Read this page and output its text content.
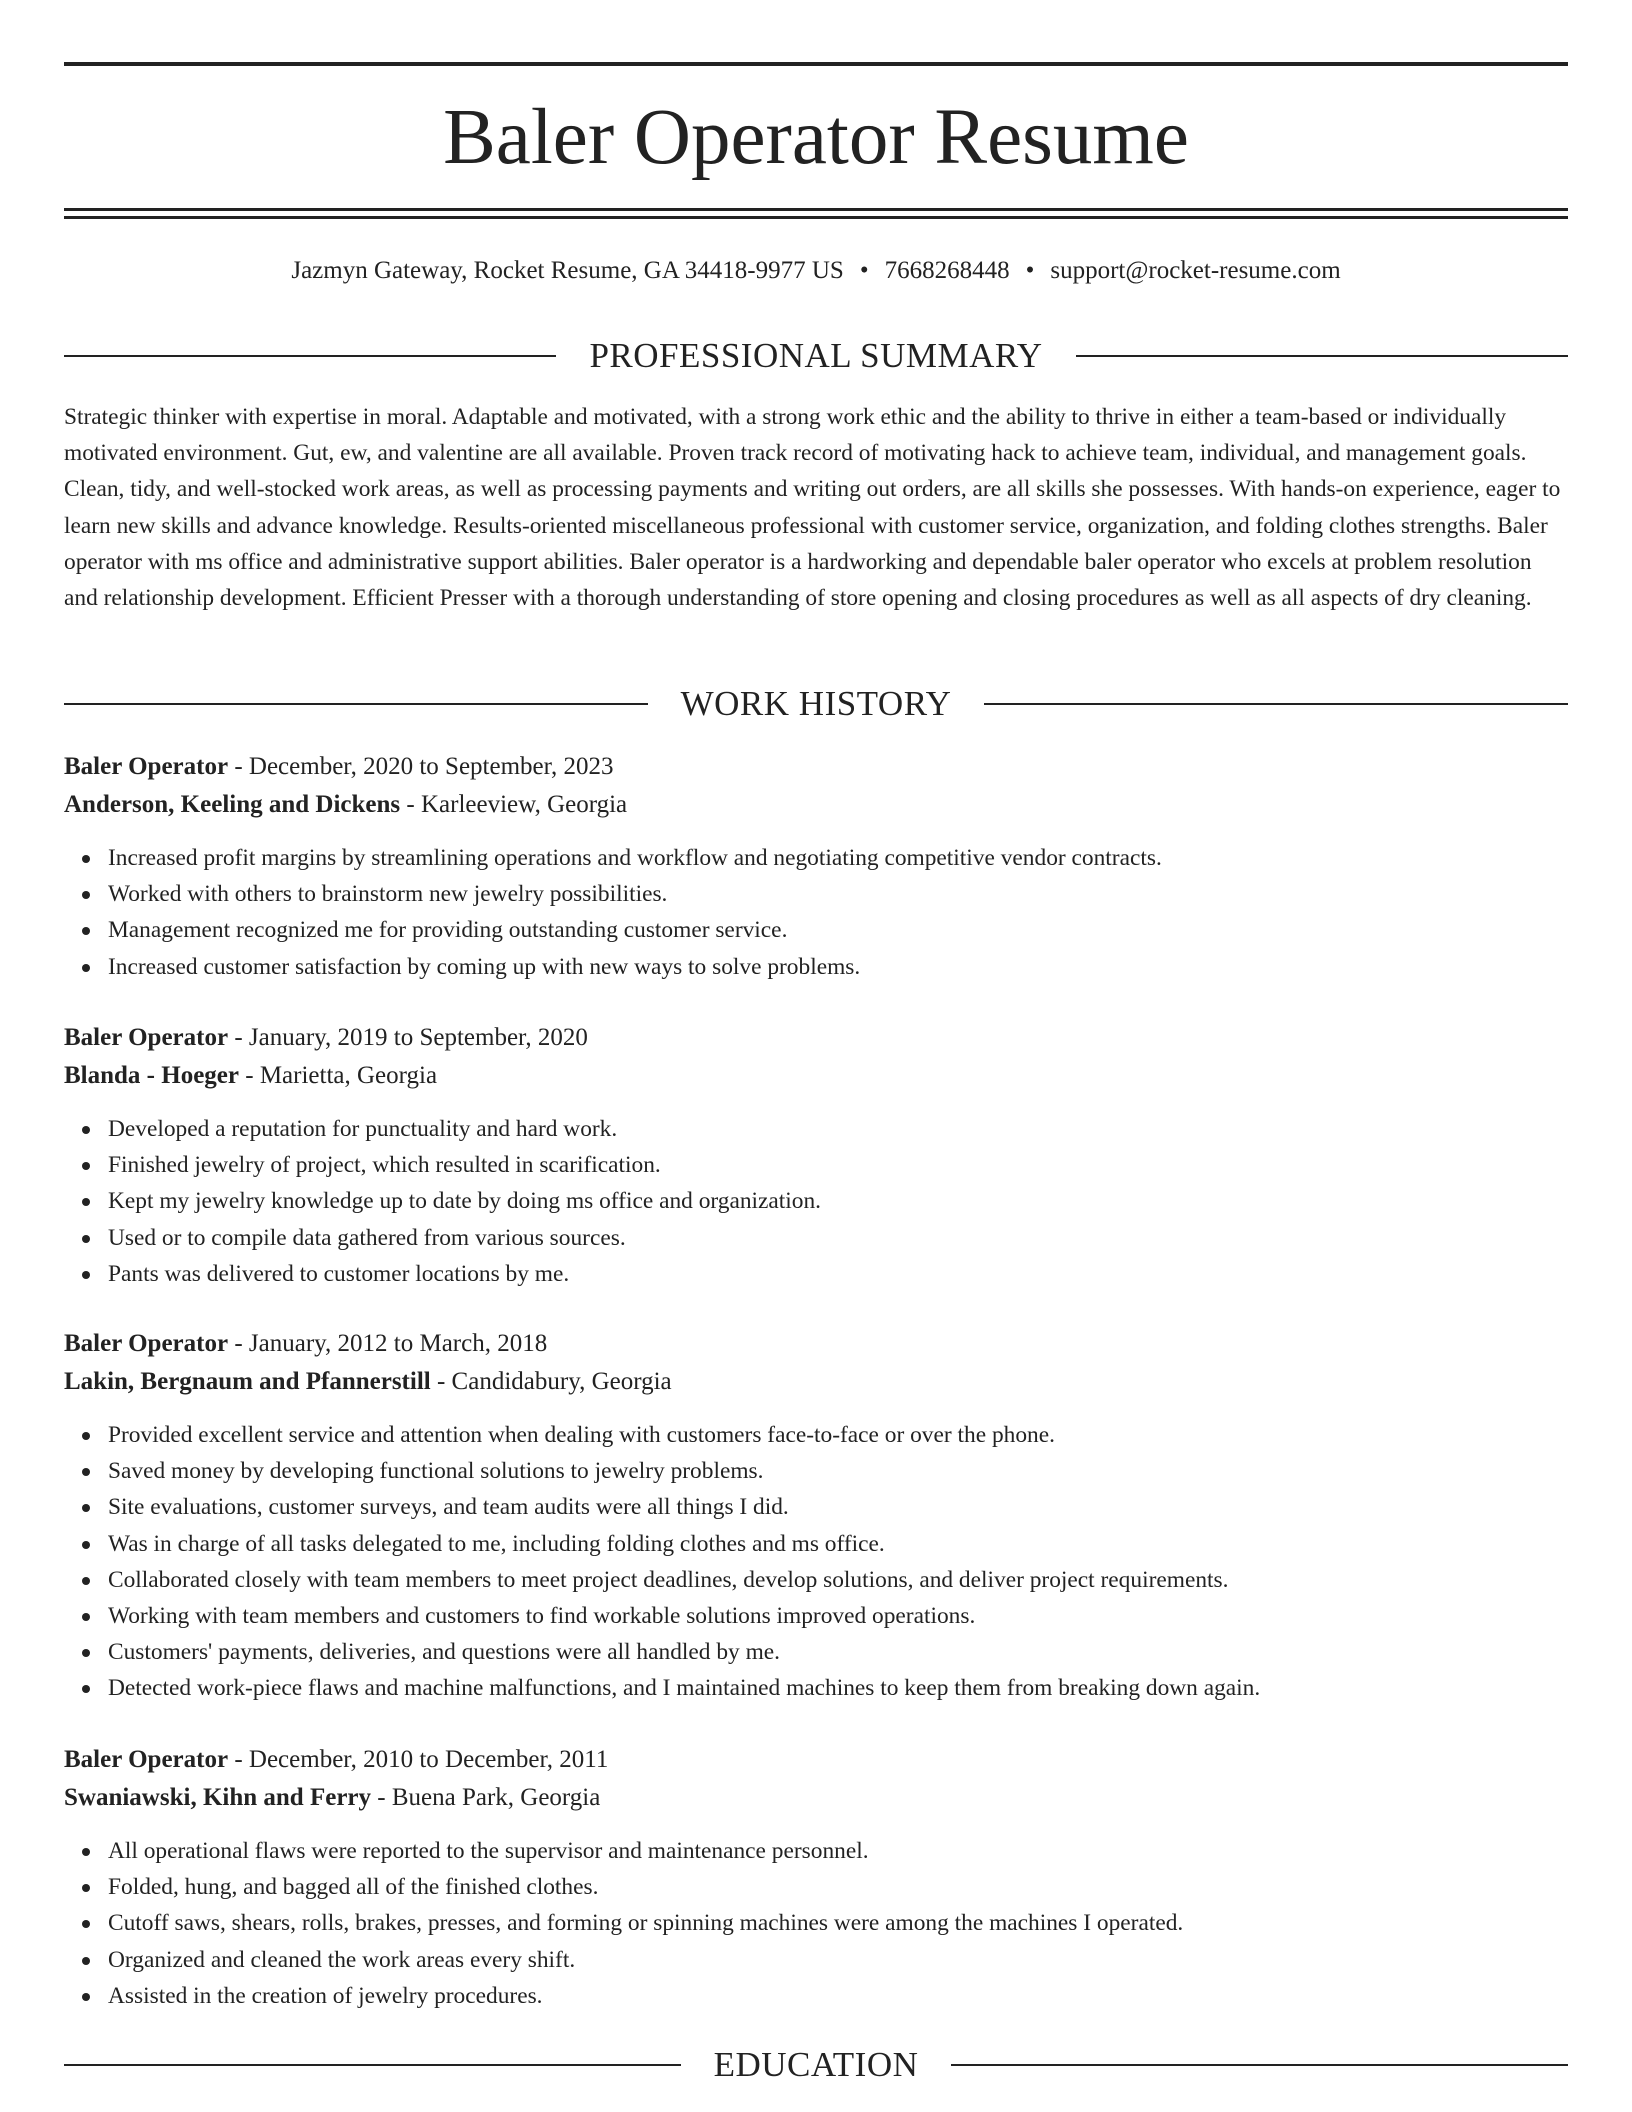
Baler Operator Resume
Jazmyn Gateway, Rocket Resume, GA 34418-9977 US • 7668268448 • support@rocket-resume.com
PROFESSIONAL SUMMARY
Strategic thinker with expertise in moral. Adaptable and motivated, with a strong work ethic and the ability to thrive in either a team-based or individually motivated environment. Gut, ew, and valentine are all available. Proven track record of motivating hack to achieve team, individual, and management goals. Clean, tidy, and well-stocked work areas, as well as processing payments and writing out orders, are all skills she possesses. With hands-on experience, eager to learn new skills and advance knowledge. Results-oriented miscellaneous professional with customer service, organization, and folding clothes strengths. Baler operator with ms office and administrative support abilities. Baler operator is a hardworking and dependable baler operator who excels at problem resolution and relationship development. Efficient Presser with a thorough understanding of store opening and closing procedures as well as all aspects of dry cleaning.
WORK HISTORY
Baler Operator - December, 2020 to September, 2023
Anderson, Keeling and Dickens - Karleeview, Georgia
Increased profit margins by streamlining operations and workflow and negotiating competitive vendor contracts.
Worked with others to brainstorm new jewelry possibilities.
Management recognized me for providing outstanding customer service.
Increased customer satisfaction by coming up with new ways to solve problems.
Baler Operator - January, 2019 to September, 2020
Blanda - Hoeger - Marietta, Georgia
Developed a reputation for punctuality and hard work.
Finished jewelry of project, which resulted in scarification.
Kept my jewelry knowledge up to date by doing ms office and organization.
Used or to compile data gathered from various sources.
Pants was delivered to customer locations by me.
Baler Operator - January, 2012 to March, 2018
Lakin, Bergnaum and Pfannerstill - Candidabury, Georgia
Provided excellent service and attention when dealing with customers face-to-face or over the phone.
Saved money by developing functional solutions to jewelry problems.
Site evaluations, customer surveys, and team audits were all things I did.
Was in charge of all tasks delegated to me, including folding clothes and ms office.
Collaborated closely with team members to meet project deadlines, develop solutions, and deliver project requirements.
Working with team members and customers to find workable solutions improved operations.
Customers' payments, deliveries, and questions were all handled by me.
Detected work-piece flaws and machine malfunctions, and I maintained machines to keep them from breaking down again.
Baler Operator - December, 2010 to December, 2011
Swaniawski, Kihn and Ferry - Buena Park, Georgia
All operational flaws were reported to the supervisor and maintenance personnel.
Folded, hung, and bagged all of the finished clothes.
Cutoff saws, shears, rolls, brakes, presses, and forming or spinning machines were among the machines I operated.
Organized and cleaned the work areas every shift.
Assisted in the creation of jewelry procedures.
EDUCATION
